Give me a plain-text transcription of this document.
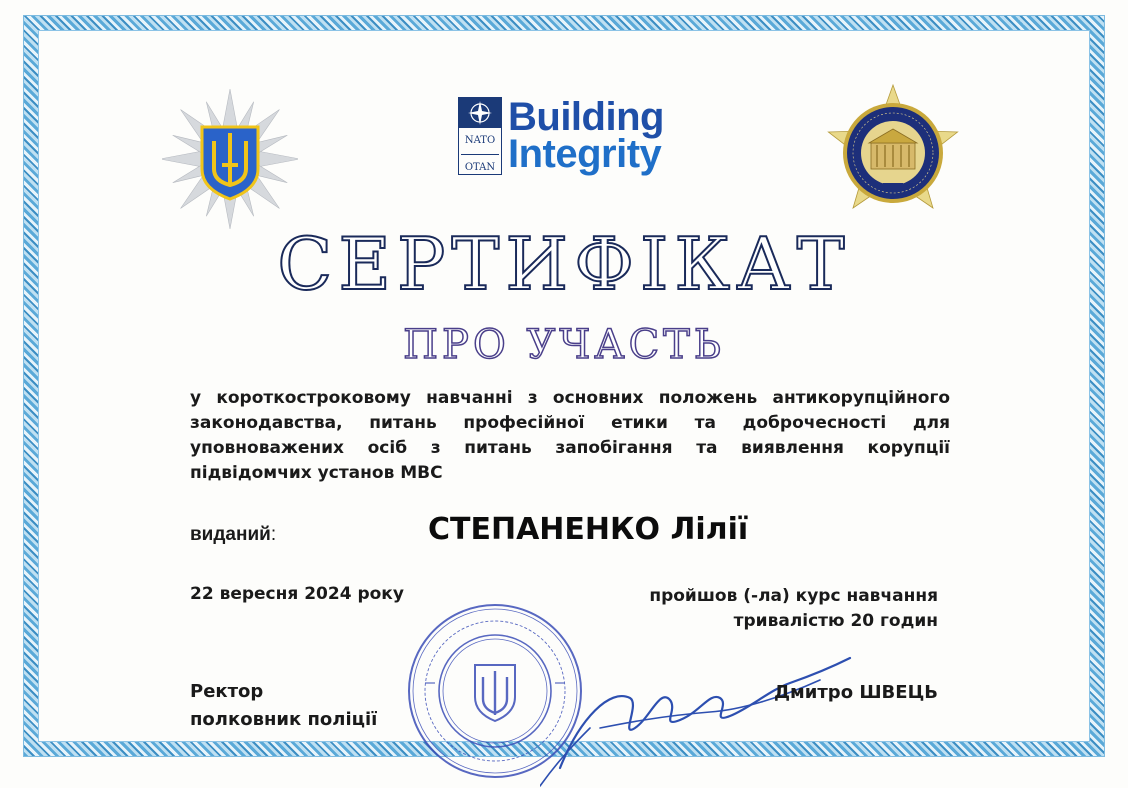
NATO
OTAN
Building
Integrity
СЕРТИФІКАТ
ПРО УЧАСТЬ
у короткостроковому навчанні з основних положень антикорупційного законодавства, питань професійної етики та доброчесності для уповноважених осіб з питань запобігання та виявлення корупції підвідомчих установ МВС
виданий:	СТЕПАНЕНКО Лілії
22 вересня 2024 року	пройшов (-ла) курс навчання
тривалістю 20 годин
Ректор
полковник поліції
Дмитро ШВЕЦЬ
